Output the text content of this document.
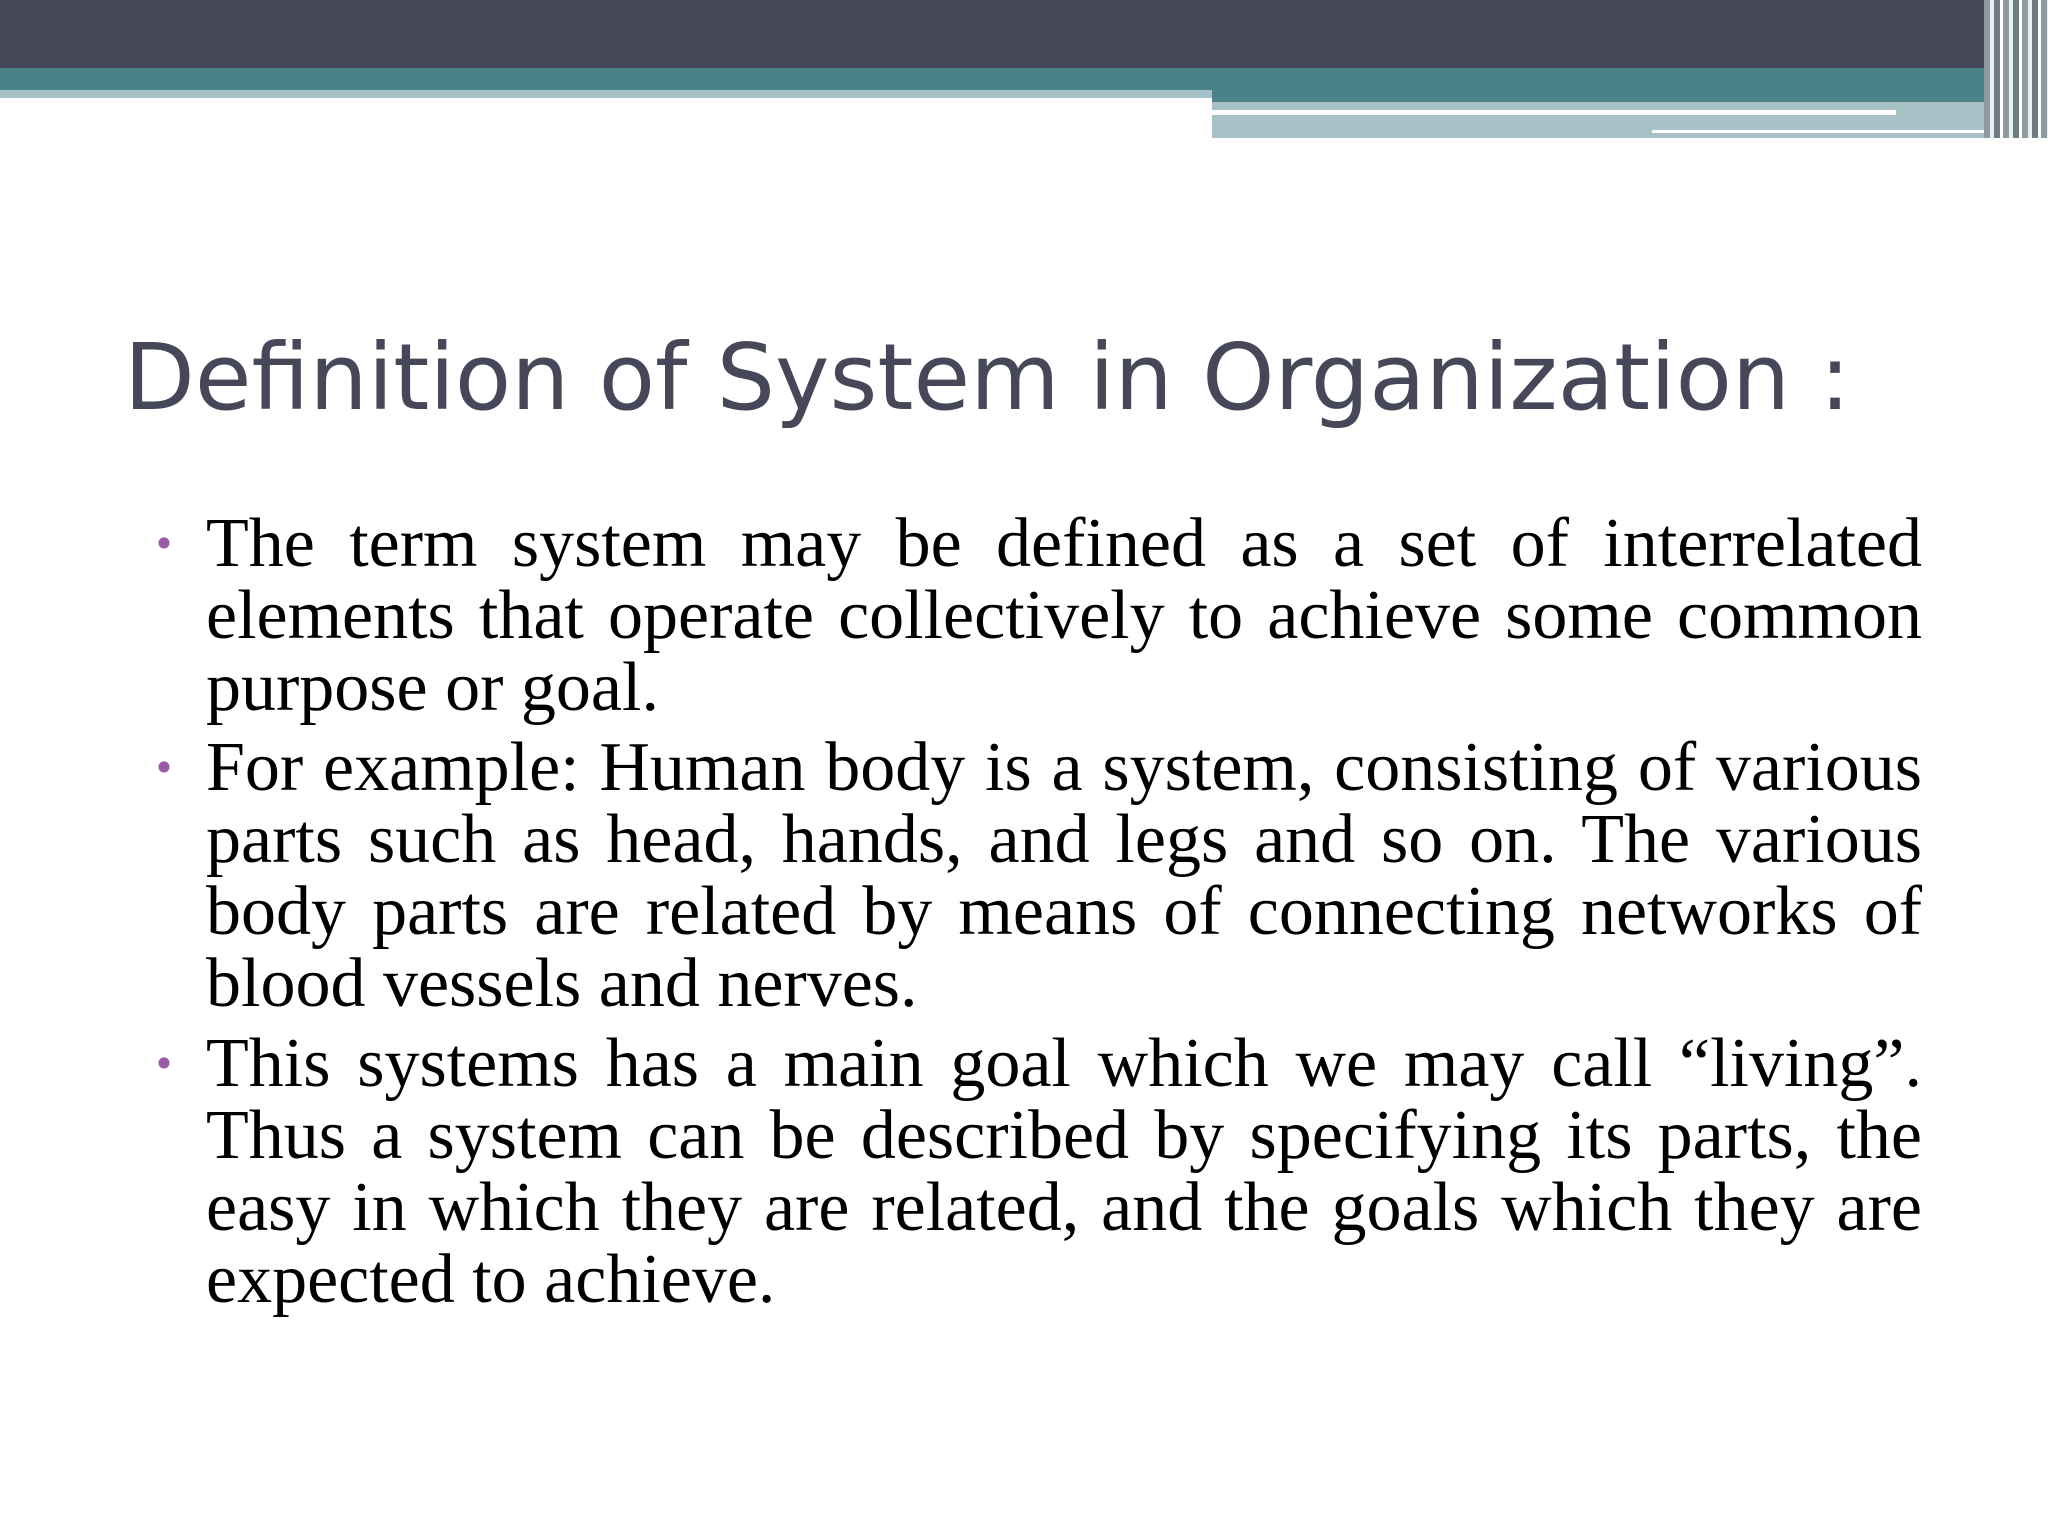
Definition of System in Organization :
• The term system may be defined as a set of interrelated elements that operate collectively to achieve some common purpose or goal.
• For example: Human body is a system, consisting of various parts such as head, hands, and legs and so on. The various body parts are related by means of connecting networks of blood vessels and nerves.
• This systems has a main goal which we may call “living”. Thus a system can be described by specifying its parts, the easy in which they are related, and the goals which they are expected to achieve.
